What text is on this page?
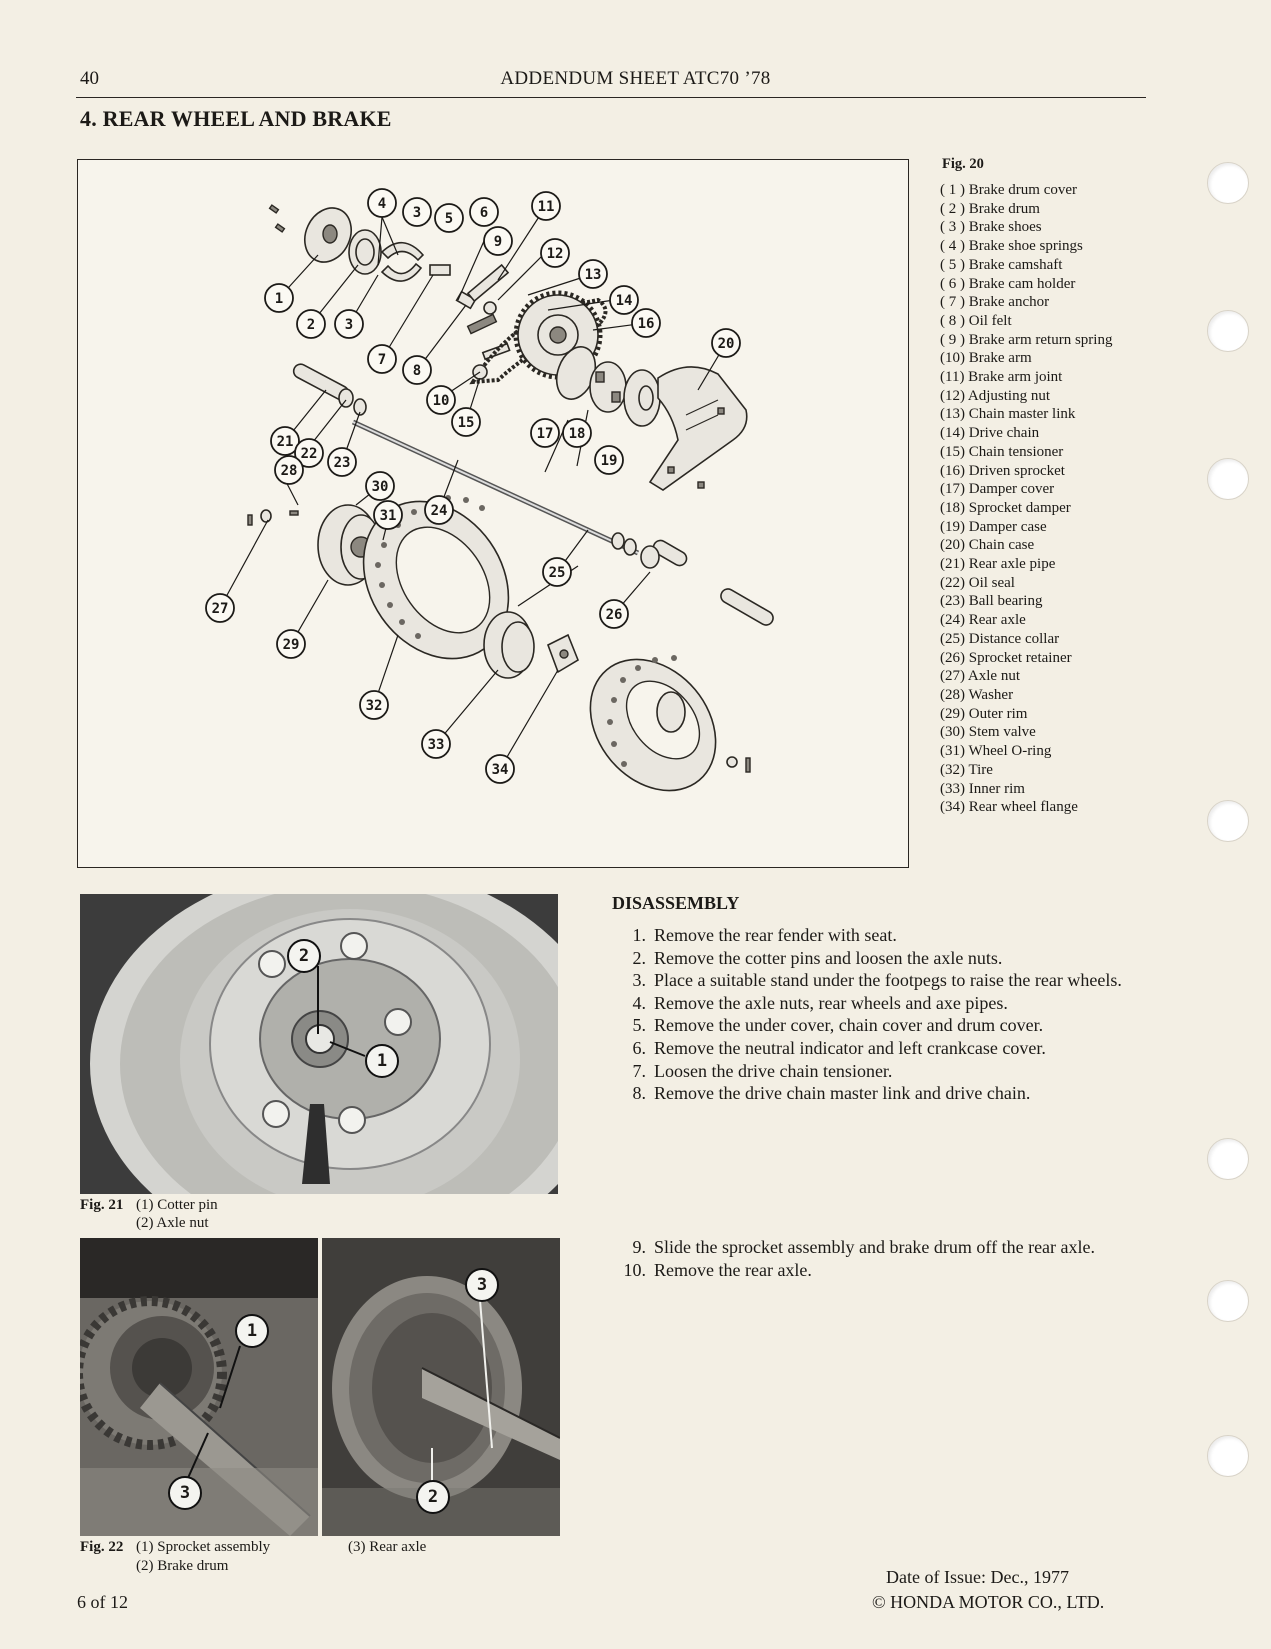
40	ADDENDUM SHEET ATC70 ’78
4. REAR WHEEL AND BRAKE
1
2 3
4
3 5 6
7
8
9
10
11
12
13
14
15
16
17 18
19
20
21
22
23
24
25
26
27
28
29
30
31
32
33
34
Fig. 20
( 1 ) Brake drum cover
( 2 ) Brake drum
( 3 ) Brake shoes
( 4 ) Brake shoe springs
( 5 ) Brake camshaft
( 6 ) Brake cam holder
( 7 ) Brake anchor
( 8 ) Oil felt
( 9 ) Brake arm return spring
(10) Brake arm
(11) Brake arm joint
(12) Adjusting nut
(13) Chain master link
(14) Drive chain
(15) Chain tensioner
(16) Driven sprocket
(17) Damper cover
(18) Sprocket damper
(19) Damper case
(20) Chain case
(21) Rear axle pipe
(22) Oil seal
(23) Ball bearing
(24) Rear axle
(25) Distance collar
(26) Sprocket retainer
(27) Axle nut
(28) Washer
(29) Outer rim
(30) Stem valve
(31) Wheel O-ring
(32) Tire
(33) Inner rim
(34) Rear wheel flange
2
1
Fig. 21 (1) Cotter pin
(2) Axle nut
1
3
3
2
Fig. 22 (1) Sprocket assembly
(2) Brake drum
(3) Rear axle
DISASSEMBLY
1. Remove the rear fender with seat.
2. Remove the cotter pins and loosen the axle nuts.
3. Place a suitable stand under the footpegs to raise the rear wheels.
4. Remove the axle nuts, rear wheels and axe pipes.
5. Remove the under cover, chain cover and drum cover.
6. Remove the neutral indicator and left crankcase cover.
7. Loosen the drive chain tensioner.
8. Remove the drive chain master link and drive chain.
9. Slide the sprocket assembly and brake drum off the rear axle.
10. Remove the rear axle.
Date of Issue: Dec., 1977
© HONDA MOTOR CO., LTD.
6 of 12
